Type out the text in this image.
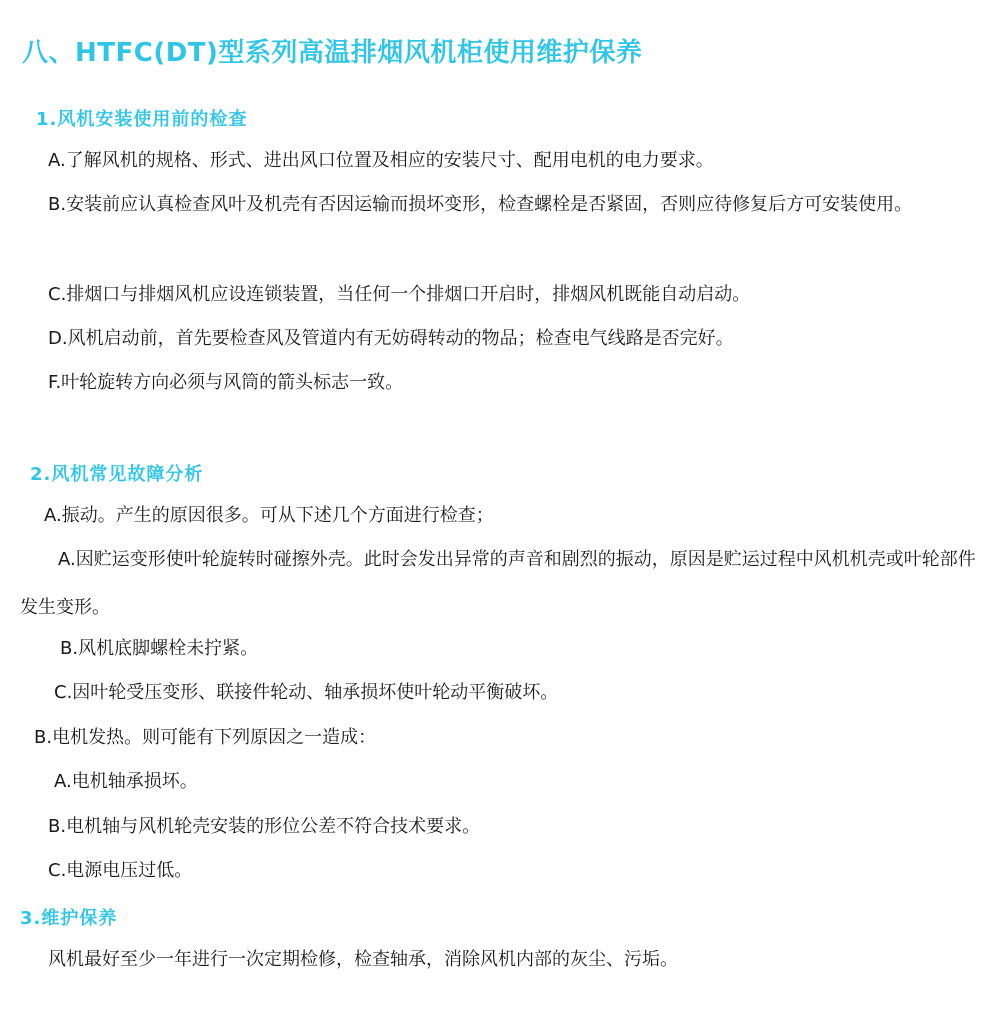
八、HTFC(DT)型系列高温排烟风机柜使用维护保养
1.风机安装使用前的检查
A.了解风机的规格、形式、进出风口位置及相应的安装尺寸、配用电机的电力要求。
B.安装前应认真检查风叶及机壳有否因运输而损坏变形，检查螺栓是否紧固，否则应待修复后方可安装使用。
C.排烟口与排烟风机应设连锁装置，当任何一个排烟口开启时，排烟风机既能自动启动。
D.风机启动前，首先要检查风及管道内有无妨碍转动的物品；检查电气线路是否完好。
F.叶轮旋转方向必须与风筒的箭头标志一致。
2.风机常见故障分析
A.振动。产生的原因很多。可从下述几个方面进行检查；
A.因贮运变形使叶轮旋转时碰擦外壳。此时会发出异常的声音和剧烈的振动，原因是贮运过程中风机机壳或叶轮部件发生变形。
B.风机底脚螺栓未拧紧。
C.因叶轮受压变形、联接件轮动、轴承损坏使叶轮动平衡破坏。
B.电机发热。则可能有下列原因之一造成：
A.电机轴承损坏。
B.电机轴与风机轮壳安装的形位公差不符合技术要求。
C.电源电压过低。
3.维护保养
风机最好至少一年进行一次定期检修，检查轴承，消除风机内部的灰尘、污垢。
